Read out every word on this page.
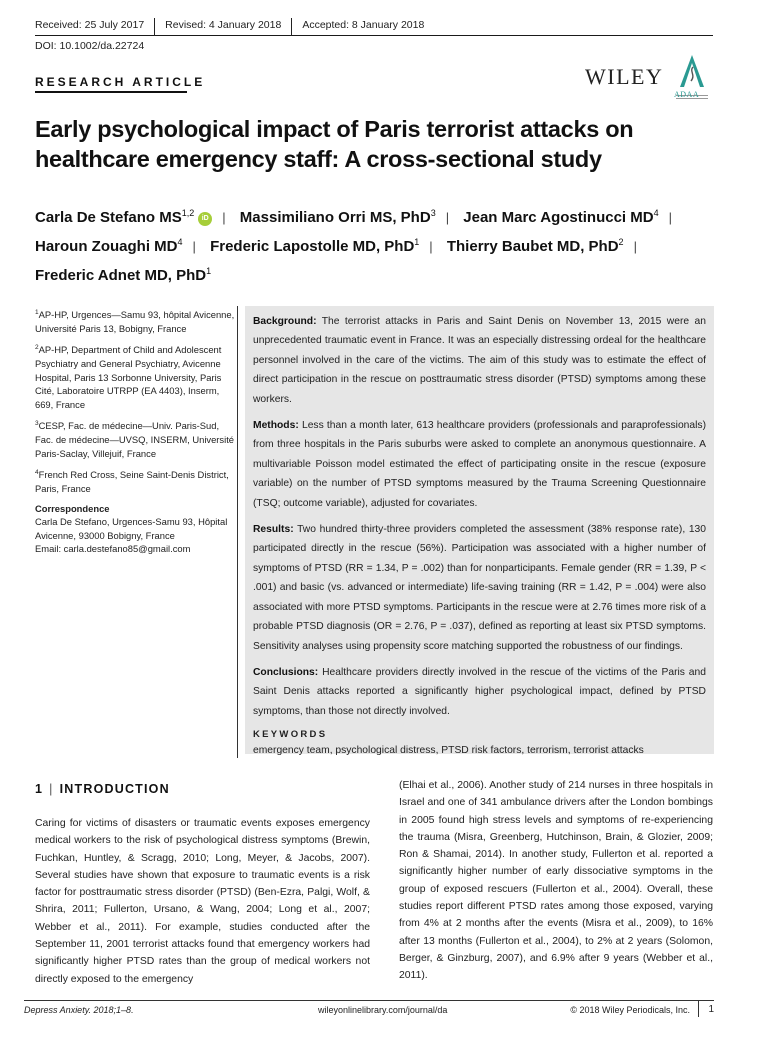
Received: 25 July 2017	Revised: 4 January 2018	Accepted: 8 January 2018
DOI: 10.1002/da.22724
RESEARCH ARTICLE	WILEY
ADAA
Early psychological impact of Paris terrorist attacks on healthcare emergency staff: A cross-sectional study
Carla De Stefano MS$^{1,2}$iD | Massimiliano Orri MS, PhD$^3$ | Jean Marc Agostinucci $MD^4$ |
Haroun Zouaghi $MD^4$ | Frederic Lapostolle MD, PhD$^1$ | Thierry Baubet MD, PhD$^2$ |
Frederic Adnet MD, PhD$^1$

$^1$AP-HP, Urgences—Samu 93, hôpital Avicenne, Université Paris 13, Bobigny, France

$^2$AP-HP, Department of Child and Adolescent Psychiatry and General Psychiatry, Avicenne Hospital, Paris 13 Sorbonne University, Paris Cité, Laboratoire UTRPP (EA 4403), Inserm, 669, France

$^3$CESP, Fac. de médecine—Univ. Paris-Sud, Fac. de médecine—UVSQ, INSERM, Université Paris-Saclay, Villejuif, France

$^4$French Red Cross, Seine Saint-Denis District, Paris, France

Correspondence
Carla De Stefano, Urgences-Samu 93, Hôpital Avicenne, 93000 Bobigny, France
Email: carla.destefano85@gmail.com

Background: The terrorist attacks in Paris and Saint Denis on November 13, 2015 were an unprecedented traumatic event in France. It was an especially distressing ordeal for the healthcare personnel involved in the care of the victims. The aim of this study was to estimate the effect of direct participation in the rescue on posttraumatic stress disorder (PTSD) symptoms among these workers.

Methods: Less than a month later, 613 healthcare providers (professionals and paraprofessionals) from three hospitals in the Paris suburbs were asked to complete an anonymous questionnaire. A multivariable Poisson model estimated the effect of participating onsite in the rescue (exposure variable) on the number of PTSD symptoms measured by the Trauma Screening Questionnaire (TSQ; outcome variable), adjusted for covariates.

Results: Two hundred thirty-three providers completed the assessment (38% response rate), 130 participated directly in the rescue (56%). Participation was associated with a higher number of symptoms of PTSD (RR = 1.34, P = .002) than for nonparticipants. Female gender (RR = 1.39, P < .001) and basic (vs. advanced or intermediate) life-saving training (RR = 1.42, P = .004) were also associated with more PTSD symptoms. Participants in the rescue were at 2.76 times more risk of a probable PTSD diagnosis (OR = 2.76, P = .037), defined as reporting at least six PTSD symptoms. Sensitivity analyses using propensity score matching supported the robustness of our findings.

Conclusions: Healthcare providers directly involved in the rescue of the victims of the Paris and Saint Denis attacks reported a significantly higher psychological impact, defined by PTSD symptoms, than those not directly involved.

KEYWORDS
emergency team, psychological distress, PTSD risk factors, terrorism, terrorist attacks
1 | INTRODUCTION
Caring for victims of disasters or traumatic events exposes emergency medical workers to the risk of psychological distress symptoms (Brewin, Fuchkan, Huntley, & Scragg, 2010; Long, Meyer, & Jacobs, 2007). Several studies have shown that exposure to traumatic events is a risk factor for posttraumatic stress disorder (PTSD) (Ben-Ezra, Palgi, Wolf, & Shrira, 2011; Fullerton, Ursano, & Wang, 2004; Long et al., 2007; Webber et al., 2011). For example, studies conducted after the September 11, 2001 terrorist attacks found that emergency workers had significantly higher PTSD rates than the group of medical workers not directly exposed to the emergency
(Elhai et al., 2006). Another study of 214 nurses in three hospitals in Israel and one of 341 ambulance drivers after the London bombings in 2005 found high stress levels and symptoms of re-experiencing the trauma (Misra, Greenberg, Hutchinson, Brain, & Glozier, 2009; Ron & Shamai, 2014). In another study, Fullerton et al. reported a significantly higher number of early dissociative symptoms in the group of exposed rescuers (Fullerton et al., 2004). Overall, these studies report different PTSD rates among those exposed, varying from 4% at 2 months after the events (Misra et al., 2009), to 16% after 13 months (Fullerton et al., 2004), to 2% at 2 years (Solomon, Berger, & Ginzburg, 2007), and 6.9% after 9 years (Webber et al., 2011).
Depress Anxiety. 2018;1–8.	wileyonlinelibrary.com/journal/da	© 2018 Wiley Periodicals, Inc.	1
